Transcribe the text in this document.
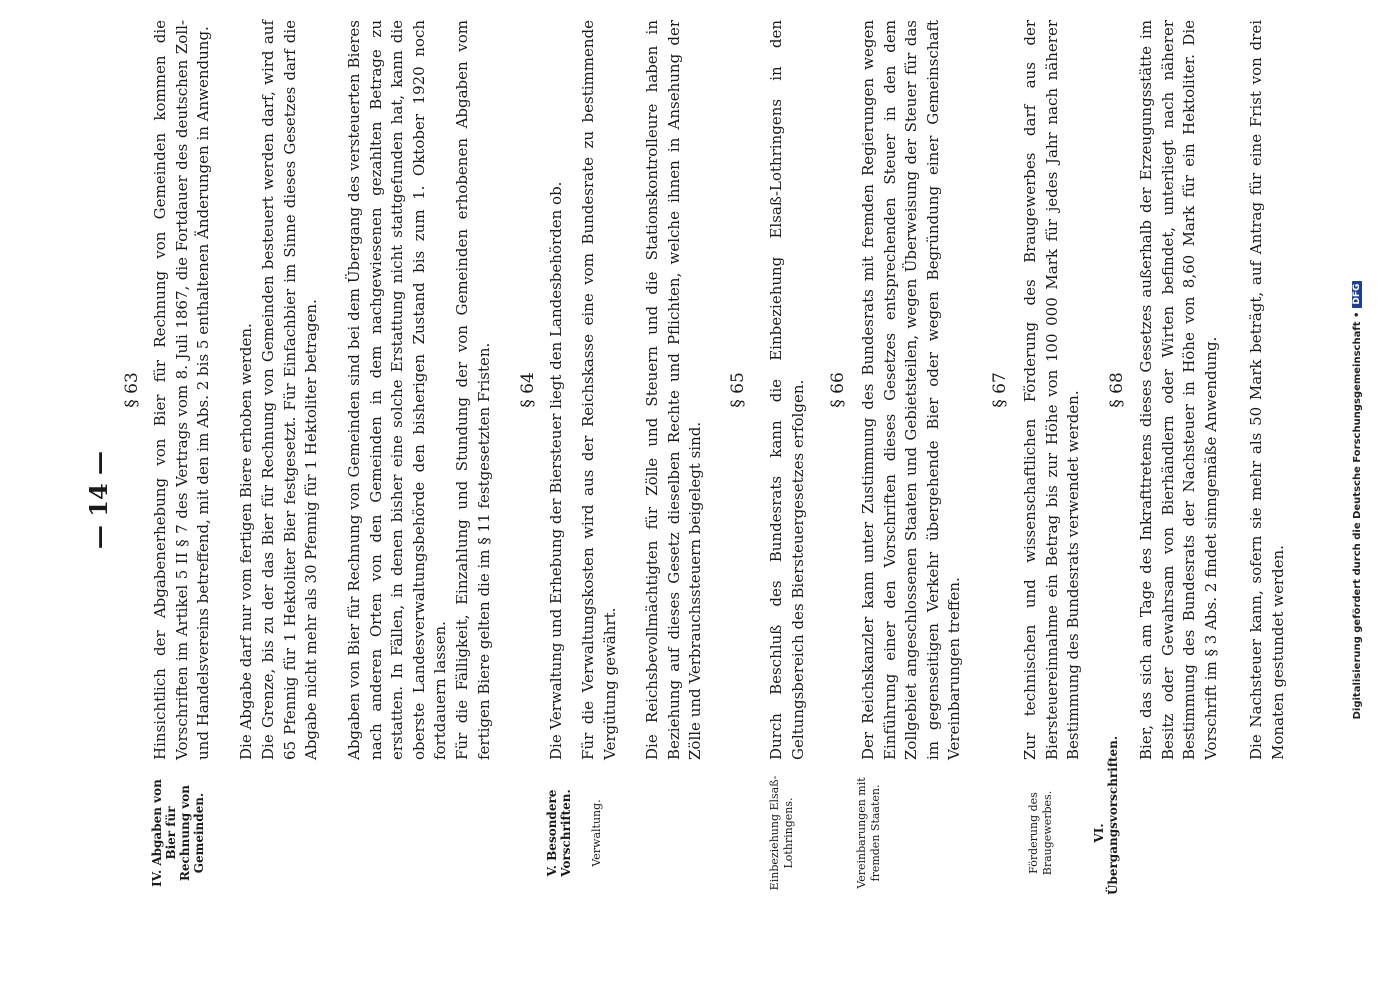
— 14 —
IV. Abgaben von Bier für Rechnung von Gemeinden.	V. Besondere Vorschriften. Verwaltung.	Einbeziehung Elsaß-Lothringens.	Vereinbarungen mit fremden Staaten.	Förderung des Braugewerbes.	VI. Übergangsvorschriften.
§ 63 Hinsichtlich der Abgabenerhebung von Bier für Rechnung von Gemeinden kommen die Vorschriften im Artikel 5 II § 7 des Vertrags vom 8. Juli 1867, die Fortdauer des deutschen Zoll- und Handelsvereins betreffend, mit den im Abs. 2 bis 5 enthaltenen Änderungen in Anwendung. Die Abgabe darf nur vom fertigen Biere erhoben werden. Die Grenze, bis zu der das Bier für Rechnung von Gemeinden besteuert werden darf, wird auf 65 Pfennig für 1 Hektoliter Bier festgesetzt. Für Einfachbier im Sinne dieses Gesetzes darf die Abgabe nicht mehr als 30 Pfennig für 1 Hektoliter betragen. Abgaben von Bier für Rechnung von Gemeinden sind bei dem Übergang des versteuerten Bieres nach anderen Orten von den Gemeinden in dem nachgewiesenen gezahlten Betrage zu erstatten. In Fällen, in denen bisher eine solche Erstattung nicht stattgefunden hat, kann die oberste Landesverwaltungsbehörde den bisherigen Zustand bis zum 1. Oktober 1920 noch fortdauern lassen. Für die Fälligkeit, Einzahlung und Stundung der von Gemeinden erhobenen Abgaben vom fertigen Biere gelten die im § 11 festgesetzten Fristen. § 64 Die Verwaltung und Erhebung der Biersteuer liegt den Landesbehörden ob. Für die Verwaltungskosten wird aus der Reichskasse eine vom Bundesrate zu bestimmende Vergütung gewährt. Die Reichsbevollmächtigten für Zölle und Steuern und die Stationskontrolleure haben in Beziehung auf dieses Gesetz dieselben Rechte und Pflichten, welche ihnen in Ansehung der Zölle und Verbrauchssteuern beigelegt sind.

§ 65 Durch Beschluß des Bundesrats kann die Einbeziehung Elsaß-Lothringens in den Geltungsbereich des Biersteuergesetzes erfolgen. § 66 Der Reichskanzler kann unter Zustimmung des Bundesrats mit fremden Regierungen wegen Einführung einer den Vorschriften dieses Gesetzes entsprechenden Steuer in den dem Zollgebiet angeschlossenen Staaten und Gebietsteilen, wegen Überweisung der Steuer für das im gegenseitigen Verkehr übergehende Bier oder wegen Begründung einer Gemeinschaft Vereinbarungen treffen.

§ 67 Zur technischen und wissenschaftlichen Förderung des Braugewerbes darf aus der Biersteuereinnahme ein Betrag bis zur Höhe von 100 000 Mark für jedes Jahr nach näherer Bestimmung des Bundesrats verwendet werden.

§ 68 Bier, das sich am Tage des Inkrafttretens dieses Gesetzes außerhalb der Erzeugungsstätte im Besitz oder Gewahrsam von Bierhändlern oder Wirten befindet, unterliegt nach näherer Bestimmung des Bundesrats der Nachsteuer in Höhe von 8,60 Mark für ein Hektoliter. Die Vorschrift im § 3 Abs. 2 findet sinngemäße Anwendung. Die Nachsteuer kann, sofern sie mehr als 50 Mark beträgt, auf Antrag für eine Frist von drei Monaten gestundet werden.	Digitalisierung gefördert durch die Deutsche Forschungsgemeinschaft •DFG
